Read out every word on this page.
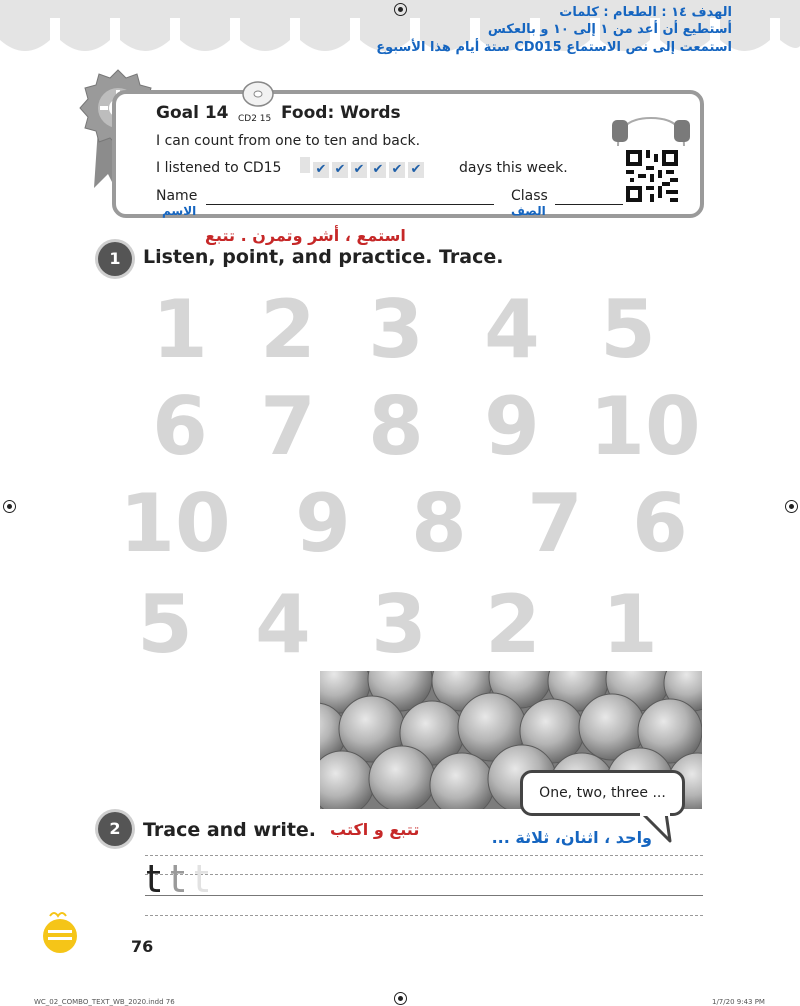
الهدف ١٤ : الطعام : كلمات
أستطيع أن أعد من ١ إلى ١٠ و بالعكس
استمعت إلى نص الاستماع CD015 ستة أيام هذا الأسبوع
Goal 14 CD2 15 Food: Words
I can count from one to ten and back.
I listened to CD15	✔ ✔ ✔ ✔ ✔ ✔	days this week.
Name
الاسم
Class
الصف
استمع ، أشر وتمرن . تتبع
1	Listen, point, and practice. Trace.
1 2 3 4 5
6 7 8 9 10
10 9 8 7 6
5 4 3 2 1
One, two, three ...
واحد ، اثنان، ثلاثة ...
2	Trace and write. تتبع و اكتب
t t t
76
WC_02_COMBO_TEXT_WB_2020.indd 76	1/7/20 9:43 PM
